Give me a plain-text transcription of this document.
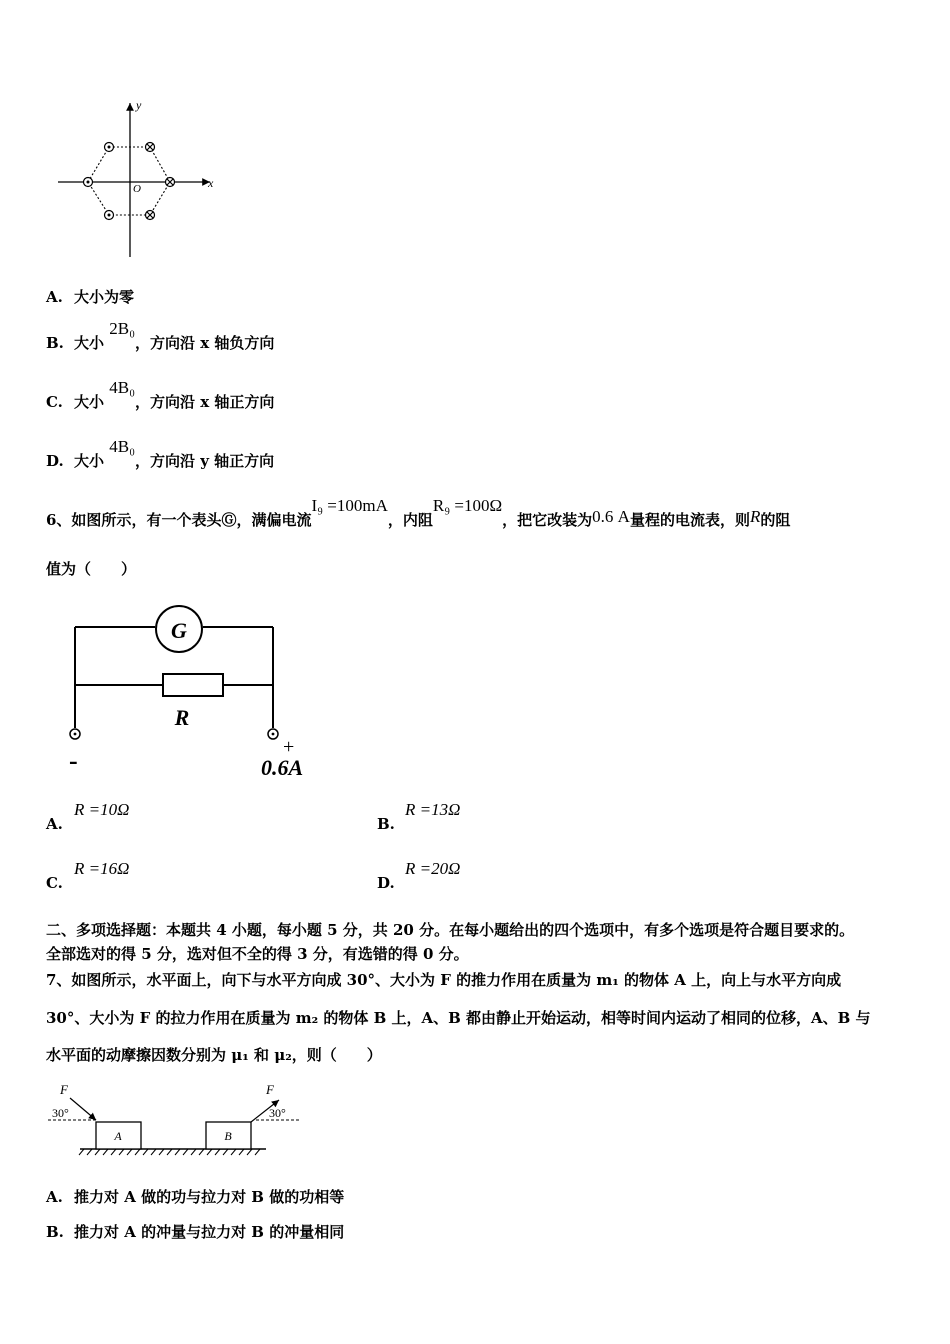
y
x
O
A. 大小为零
B. 大小 2B₀，方向沿 x 轴负方向
C. 大小 4B₀，方向沿 x 轴正方向
D. 大小 4B₀，方向沿 y 轴正方向
6、如图所示，有一个表头Ⓖ，满偏电流I₉ =100mA，内阻R₉ =100Ω，把它改装为0.6 A量程的电流表，则R的阻
值为（　　）
G
R
-	+
0.6A
A.R =10Ω
B.R =13Ω
C.R =16Ω
D.R =20Ω
二、多项选择题：本题共 4 小题，每小题 5 分，共 20 分。在每小题给出的四个选项中，有多个选项是符合题目要求的。
全部选对的得 5 分，选对但不全的得 3 分，有选错的得 0 分。
7、如图所示，水平面上，向下与水平方向成 30°、大小为 F 的推力作用在质量为 m₁ 的物体 A 上，向上与水平方向成
30°、大小为 F 的拉力作用在质量为 m₂ 的物体 B 上，A、B 都由静止开始运动，相等时间内运动了相同的位移，A、B 与
水平面的动摩擦因数分别为 μ₁ 和 μ₂，则（　　）
A	B
F	F
30°	30°
A. 推力对 A 做的功与拉力对 B 做的功相等
B. 推力对 A 的冲量与拉力对 B 的冲量相同
